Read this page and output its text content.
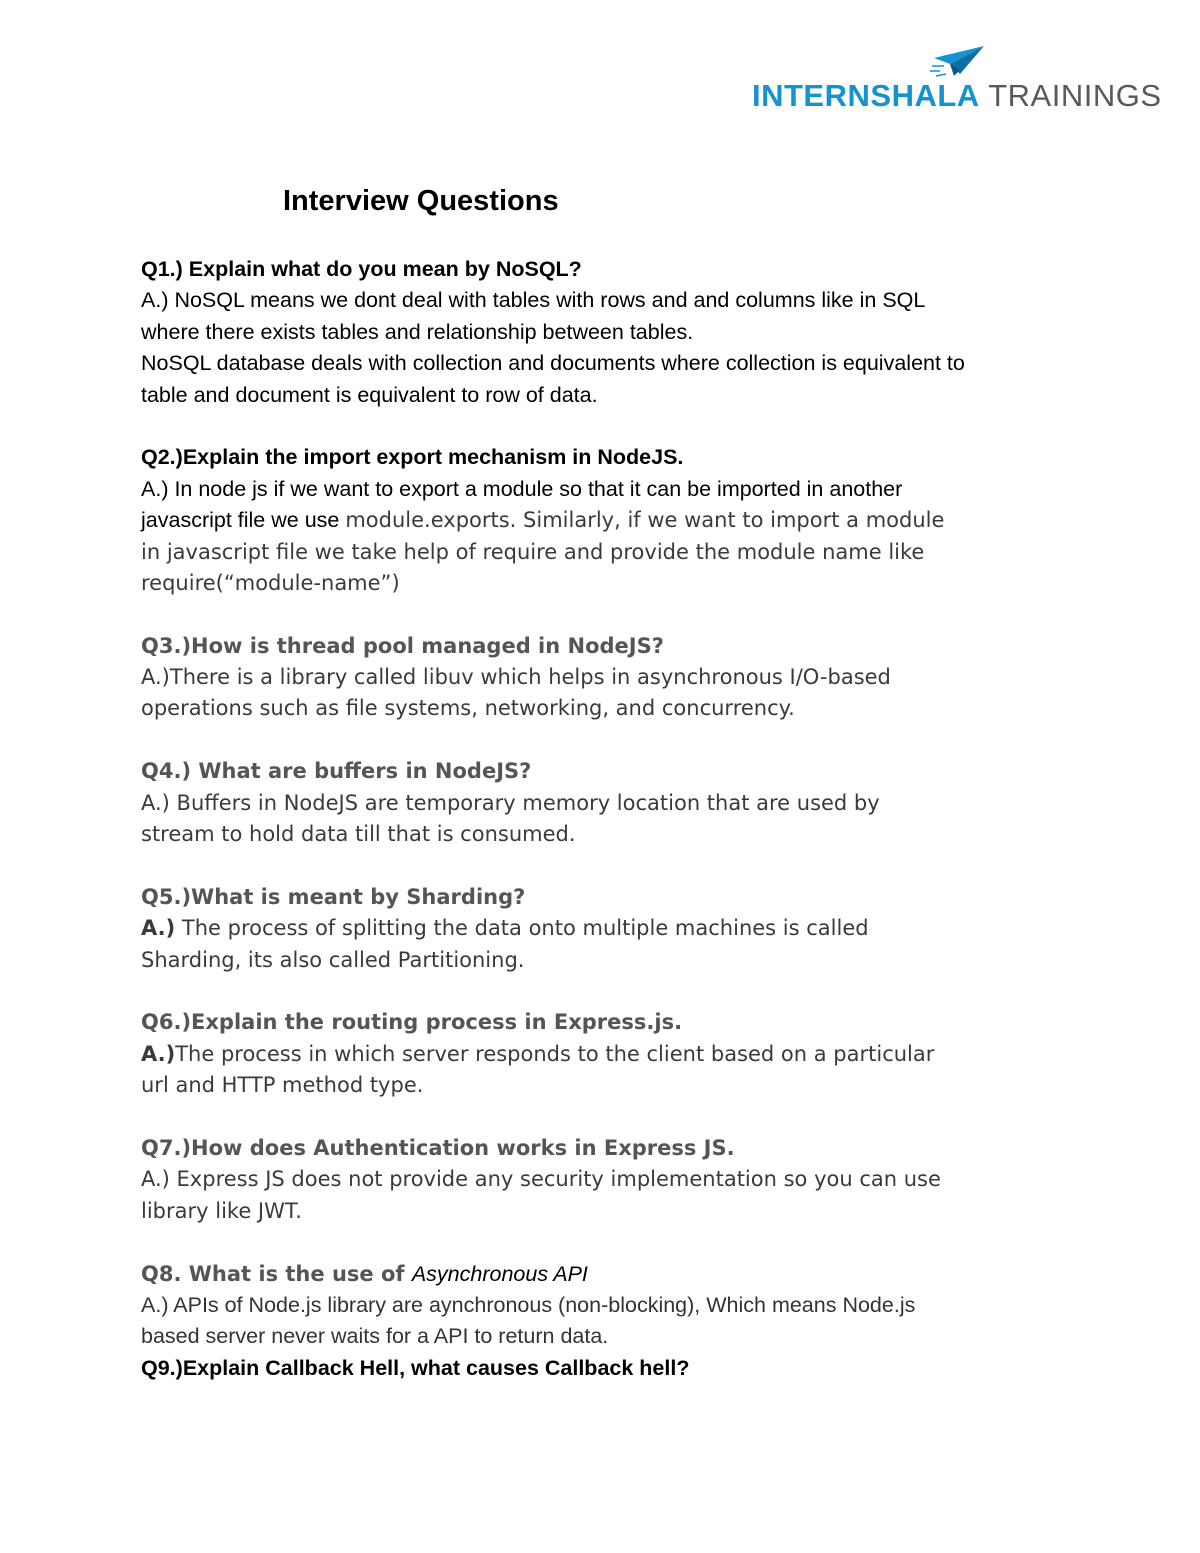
INTERNSHALA TRAININGS
Interview Questions
Q1.) Explain what do you mean by NoSQL?
A.) NoSQL means we dont deal with tables with rows and and columns like in SQL
where there exists tables and relationship between tables.
NoSQL database deals with collection and documents where collection is equivalent to
table and document is equivalent to row of data.
Q2.)Explain the import export mechanism in NodeJS.
A.) In node js if we want to export a module so that it can be imported in another
javascript file we use module.exports. Similarly, if we want to import a module
in javascript file we take help of require and provide the module name like
require(“module-name”)
Q3.)How is thread pool managed in NodeJS?
A.)There is a library called libuv which helps in asynchronous I/O-based
operations such as file systems, networking, and concurrency.
Q4.) What are buffers in NodeJS?
A.) Buffers in NodeJS are temporary memory location that are used by
stream to hold data till that is consumed.
Q5.)What is meant by Sharding?
A.) The process of splitting the data onto multiple machines is called
Sharding, its also called Partitioning.
Q6.)Explain the routing process in Express.js.
A.)The process in which server responds to the client based on a particular
url and HTTP method type.
Q7.)How does Authentication works in Express JS.
A.) Express JS does not provide any security implementation so you can use
library like JWT.
Q8. What is the use of Asynchronous API
A.) APIs of Node.js library are aynchronous (non-blocking), Which means Node.js
based server never waits for a API to return data.
Q9.)Explain Callback Hell, what causes Callback hell?
